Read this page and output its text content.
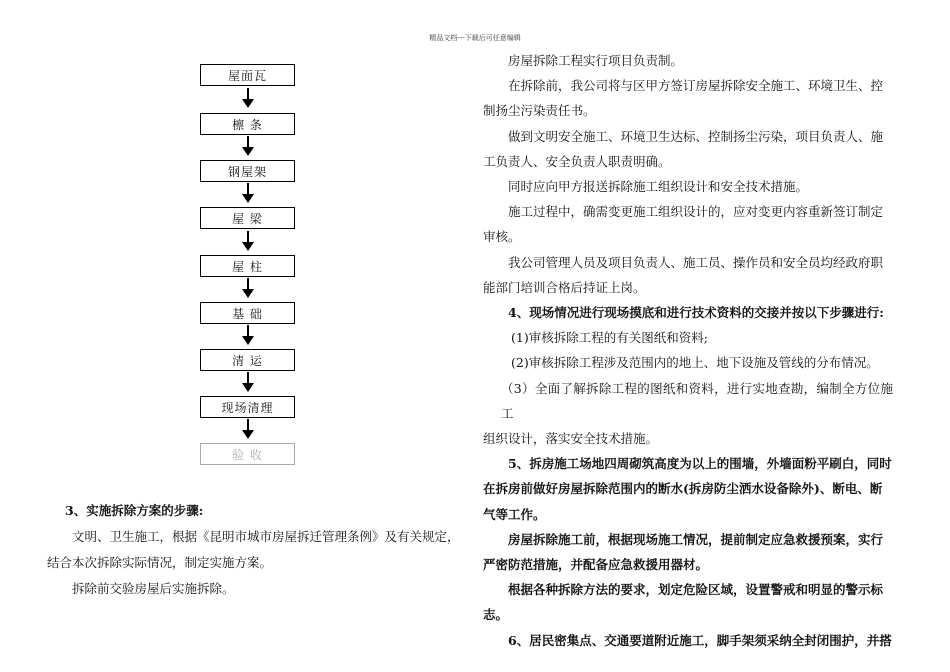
精品文档---下载后可任意编辑
屋面瓦
檩 条
钢屋架
屋 梁
屋 柱
基 础
清 运
现场清理
验 收

3、实施拆除方案的步骤:

文明、卫生施工，根据《昆明市城市房屋拆迁管理条例》及有关规定，

结合本次拆除实际情况，制定实施方案。

拆除前交验房屋后实施拆除。

房屋拆除工程实行项目负责制。

在拆除前，我公司将与区甲方签订房屋拆除安全施工、环境卫生、控

制扬尘污染责任书。

做到文明安全施工、环境卫生达标、控制扬尘污染，项目负责人、施

工负责人、安全负责人职责明确。

同时应向甲方报送拆除施工组织设计和安全技术措施。

施工过程中，确需变更施工组织设计的，应对变更内容重新签订制定

审核。

我公司管理人员及项目负责人、施工员、操作员和安全员均经政府职

能部门培训合格后持证上岗。

4、现场情况进行现场摸底和进行技术资料的交接并按以下步骤进行:

(1)审核拆除工程的有关图纸和资料;

(2)审核拆除工程涉及范围内的地上、地下设施及管线的分布情况。

（3）全面了解拆除工程的图纸和资料，进行实地查勘，编制全方位施工

组织设计，落实安全技术措施。

5、拆房施工场地四周砌筑高度为以上的围墙，外墙面粉平刷白，同时

在拆房前做好房屋拆除范围内的断水(拆房防尘洒水设备除外)、断电、断

气等工作。

房屋拆除施工前，根据现场施工情况，提前制定应急救援预案，实行

严密防范措施，并配备应急救援用器材。

根据各种拆除方法的要求，划定危险区域，设置警戒和明显的警示标

志。

6、居民密集点、交通要道附近施工，脚手架须采纳全封闭围护，并搭
